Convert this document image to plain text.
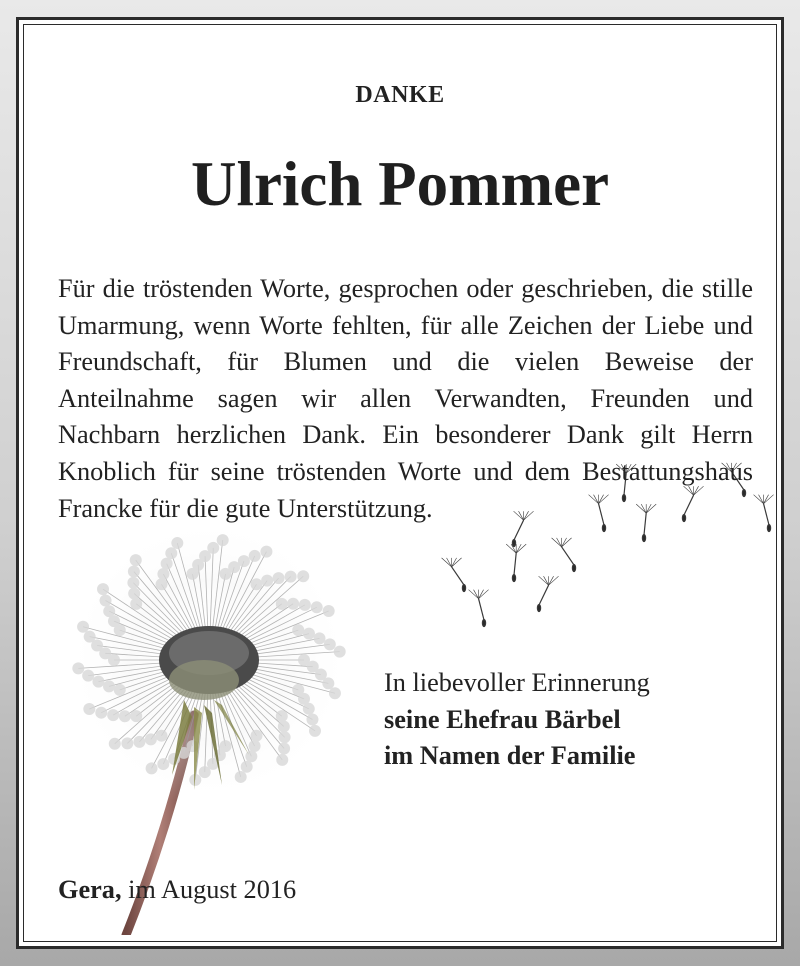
DANKE
Ulrich Pommer
Für die tröstenden Worte, gesprochen oder geschrieben, die stille Umarmung, wenn Worte fehlten, für alle Zeichen der Liebe und Freundschaft, für Blumen und die vielen Beweise der Anteilnahme sagen wir allen Verwandten, Freunden und Nachbarn herzlichen Dank. Ein besonderer Dank gilt Herrn Knoblich für seine tröstenden Worte und dem Bestattungshaus Francke für die gute Unterstützung.
In liebevoller Erinnerung
seine Ehefrau Bärbel
im Namen der Familie
Gera, im August 2016
